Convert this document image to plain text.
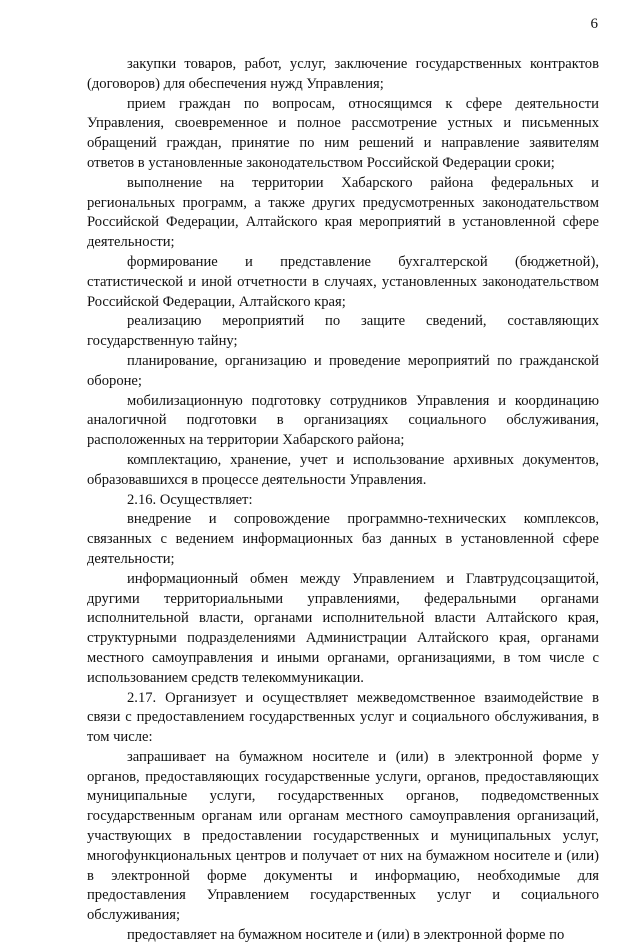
6

закупки товаров, работ, услуг, заключение государственных контрактов (договоров) для обеспечения нужд Управления;

прием граждан по вопросам, относящимся к сфере деятельности Управления, своевременное и полное рассмотрение устных и письменных обращений граждан, принятие по ним решений и направление заявителям ответов в установленные законодательством Российской Федерации сроки;

выполнение на территории Хабарского района федеральных и региональных программ, а также других предусмотренных законодательством Российской Федерации, Алтайского края мероприятий в установленной сфере деятельности;

формирование и представление бухгалтерской (бюджетной), статистической и иной отчетности в случаях, установленных законодательством Российской Федерации, Алтайского края;

реализацию мероприятий по защите сведений, составляющих государственную тайну;

планирование, организацию и проведение мероприятий по гражданской обороне;

мобилизационную подготовку сотрудников Управления и координацию аналогичной подготовки в организациях социального обслуживания, расположенных на территории Хабарского района;

комплектацию, хранение, учет и использование архивных документов, образовавшихся в процессе деятельности Управления.

2.16. Осуществляет:

внедрение и сопровождение программно-технических комплексов, связанных с ведением информационных баз данных в установленной сфере деятельности;

информационный обмен между Управлением и Главтрудсоцзащитой, другими территориальными управлениями, федеральными органами исполнительной власти, органами исполнительной власти Алтайского края, структурными подразделениями Администрации Алтайского края, органами местного самоуправления и иными органами, организациями, в том числе с использованием средств телекоммуникации.

2.17. Организует и осуществляет межведомственное взаимодействие в связи с предоставлением государственных услуг и социального обслуживания, в том числе:

запрашивает на бумажном носителе и (или) в электронной форме у органов, предоставляющих государственные услуги, органов, предоставляющих муниципальные услуги, государственных органов, подведомственных государственным органам или органам местного самоуправления организаций, участвующих в предоставлении государственных и муниципальных услуг, многофункциональных центров и получает от них на бумажном носителе и (или) в электронной форме документы и информацию, необходимые для предоставления Управлением государственных услуг и социального обслуживания;

предоставляет на бумажном носителе и (или) в электронной форме по
